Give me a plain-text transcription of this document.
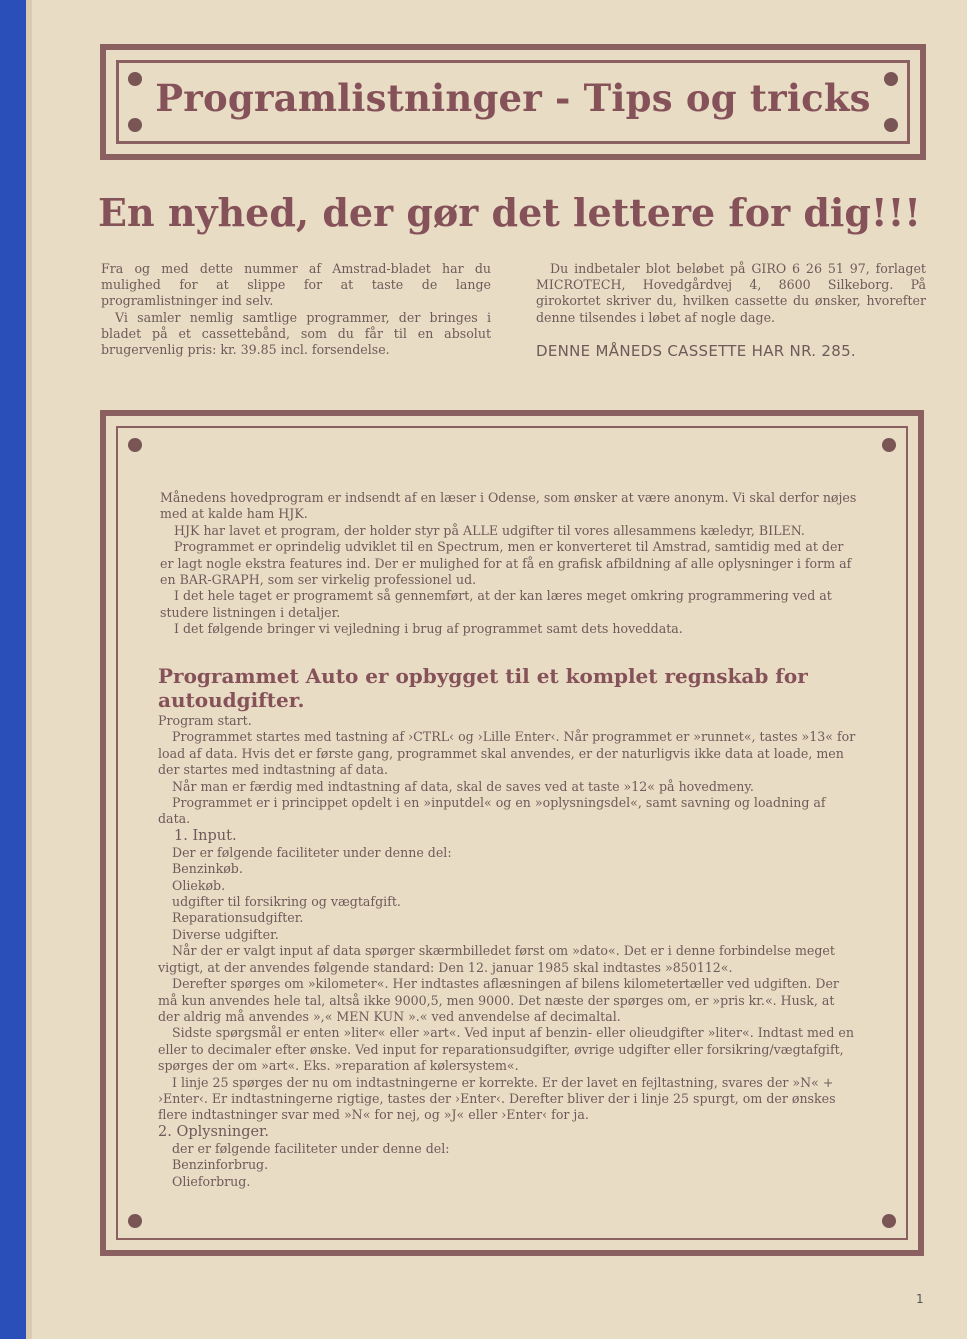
Programlistninger - Tips og tricks
En nyhed, der gør det lettere for dig!!!

Fra og med dette nummer af Amstrad-bladet har du mulighed for at slippe for at taste de lange programlistninger ind selv.

Vi samler nemlig samtlige programmer, der bringes i bladet på et cassettebånd, som du får til en absolut brugervenlig pris: kr. 39.85 incl. forsendelse.

Du indbetaler blot beløbet på GIRO 6 26 51 97, forlaget MICROTECH, Hovedgårdvej 4, 8600 Silkeborg. På girokortet skriver du, hvilken cassette du ønsker, hvorefter denne tilsendes i løbet af nogle dage.

DENNE MÅNEDS CASSETTE HAR NR. 285.

Månedens hovedprogram er indsendt af en læser i Odense, som ønsker at være anonym. Vi skal derfor nøjes med at kalde ham HJK.

HJK har lavet et program, der holder styr på ALLE udgifter til vores allesammens kæledyr, BILEN.

Programmet er oprindelig udviklet til en Spectrum, men er konverteret til Amstrad, samtidig med at der er lagt nogle ekstra features ind. Der er mulighed for at få en grafisk afbildning af alle oplysninger i form af en BAR-GRAPH, som ser virkelig professionel ud.

I det hele taget er programemt så gennemført, at der kan læres meget omkring programmering ved at studere listningen i detaljer.

I det følgende bringer vi vejledning i brug af programmet samt dets hoveddata.

Programmet Auto er opbygget til et komplet regnskab for autoudgifter.

Program start.

Programmet startes med tastning af ›CTRL‹ og ›Lille Enter‹. Når programmet er »runnet«, tastes »13« for load af data. Hvis det er første gang, programmet skal anvendes, er der naturligvis ikke data at loade, men der startes med indtastning af data.

Når man er færdig med indtastning af data, skal de saves ved at taste »12« på hovedmeny.

Programmet er i princippet opdelt i en »inputdel« og en »oplysningsdel«, samt savning og loadning af data.

1. Input.

Der er følgende faciliteter under denne del:

Benzinkøb.

Oliekøb.

udgifter til forsikring og vægtafgift.

Reparationsudgifter.

Diverse udgifter.

Når der er valgt input af data spørger skærmbilledet først om »dato«. Det er i denne forbindelse meget vigtigt, at der anvendes følgende standard: Den 12. januar 1985 skal indtastes »850112«.

Derefter spørges om »kilometer«. Her indtastes aflæsningen af bilens kilometertæller ved udgiften. Der må kun anvendes hele tal, altså ikke 9000,5, men 9000. Det næste der spørges om, er »pris kr.«. Husk, at der aldrig må anvendes »,« MEN KUN ».« ved anvendelse af decimaltal.

Sidste spørgsmål er enten »liter« eller »art«. Ved input af benzin- eller olieudgifter »liter«. Indtast med en eller to decimaler efter ønske. Ved input for reparationsudgifter, øvrige udgifter eller forsikring/vægtafgift, spørges der om »art«. Eks. »reparation af kølersystem«.

I linje 25 spørges der nu om indtastningerne er korrekte. Er der lavet en fejltastning, svares der »N« + ›Enter‹. Er indtastningerne rigtige, tastes der ›Enter‹. Derefter bliver der i linje 25 spurgt, om der ønskes flere indtastninger svar med »N« for nej, og »J« eller ›Enter‹ for ja.

2. Oplysninger.

der er følgende faciliteter under denne del:

Benzinforbrug.

Olieforbrug.

1
